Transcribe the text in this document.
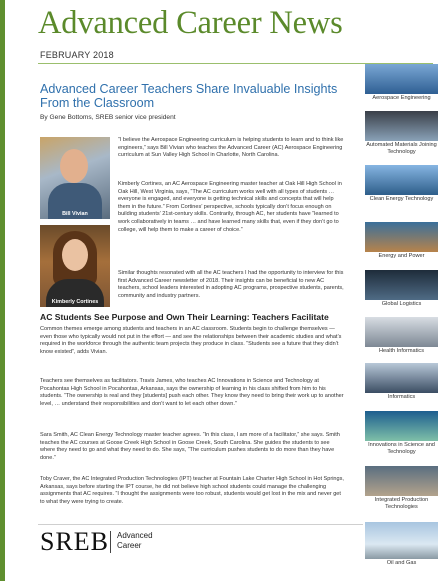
Advanced Career News
FEBRUARY 2018
Advanced Career Teachers Share Invaluable Insights From the Classroom
By Gene Bottoms, SREB senior vice president
Bill Vivian
Kimberly Cortines

“I believe the Aerospace Engineering curriculum is helping students to learn and to think like engineers,” says Bill Vivian who teaches the Advanced Career (AC) Aerospace Engineering curriculum at Sun Valley High School in Charlotte, North Carolina.

Kimberly Cortines, an AC Aerospace Engineering master teacher at Oak Hill High School in Oak Hill, West Virginia, says, “The AC curriculum works well with all types of students … everyone is engaged, and everyone is getting technical skills and concepts that will help them in the future.” From Cortines’ perspective, schools typically don’t focus enough on building students’ 21st-century skills. Contrarily, through AC, her students have “learned to work collaboratively in teams … and have learned many skills that, even if they don’t go to college, will help them to make a career of choice.”

Similar thoughts resonated with all the AC teachers I had the opportunity to interview for this first Advanced Career newsletter of 2018. Their insights can be beneficial to new AC teachers, school leaders interested in adopting AC programs, prospective students, parents, community and industry partners.

AC Students See Purpose and Own Their Learning: Teachers Facilitate

Common themes emerge among students and teachers in an AC classroom. Students begin to challenge themselves — even those who typically would not put in the effort — and see the relationships between their academic studies and what’s required in the workforce through the authentic team projects they produce in class. “Students see a future that they didn’t know existed”, adds Vivian.

Teachers see themselves as facilitators. Travis James, who teaches AC Innovations in Science and Technology at Pocahontas High School in Pocahontas, Arkansas, says the ownership of learning in his class shifted from him to his students. “The ownership is real and they [students] push each other. They know they need to bring their work up to another level, … understand their responsibilities and don’t want to let each other down.”

Sara Smith, AC Clean Energy Technology master teacher agrees. “In this class, I am more of a facilitator,” she says. Smith teaches the AC courses at Goose Creek High School in Goose Creek, South Carolina. She guides the students to see where they need to go and what they need to do. She says, “The curriculum pushes students to do more than they have done.”

Toby Craver, the AC Integrated Production Technologies (IPT) teacher at Fountain Lake Charter High School in Hot Springs, Arkansas, says before starting the IPT course, he did not believe high school students could manage the challenging assignments that AC requires. “I thought the assignments were too robust, students would get lost in the mix and never get to what they were trying to create.

SREB Advanced
Career
Aerospace Engineering
Automated Materials Joining Technology
Clean Energy Technology
Energy and Power
Global Logistics
Health Informatics
Informatics
Innovations in Science and Technology
Integrated Production Technologies
Oil and Gas
